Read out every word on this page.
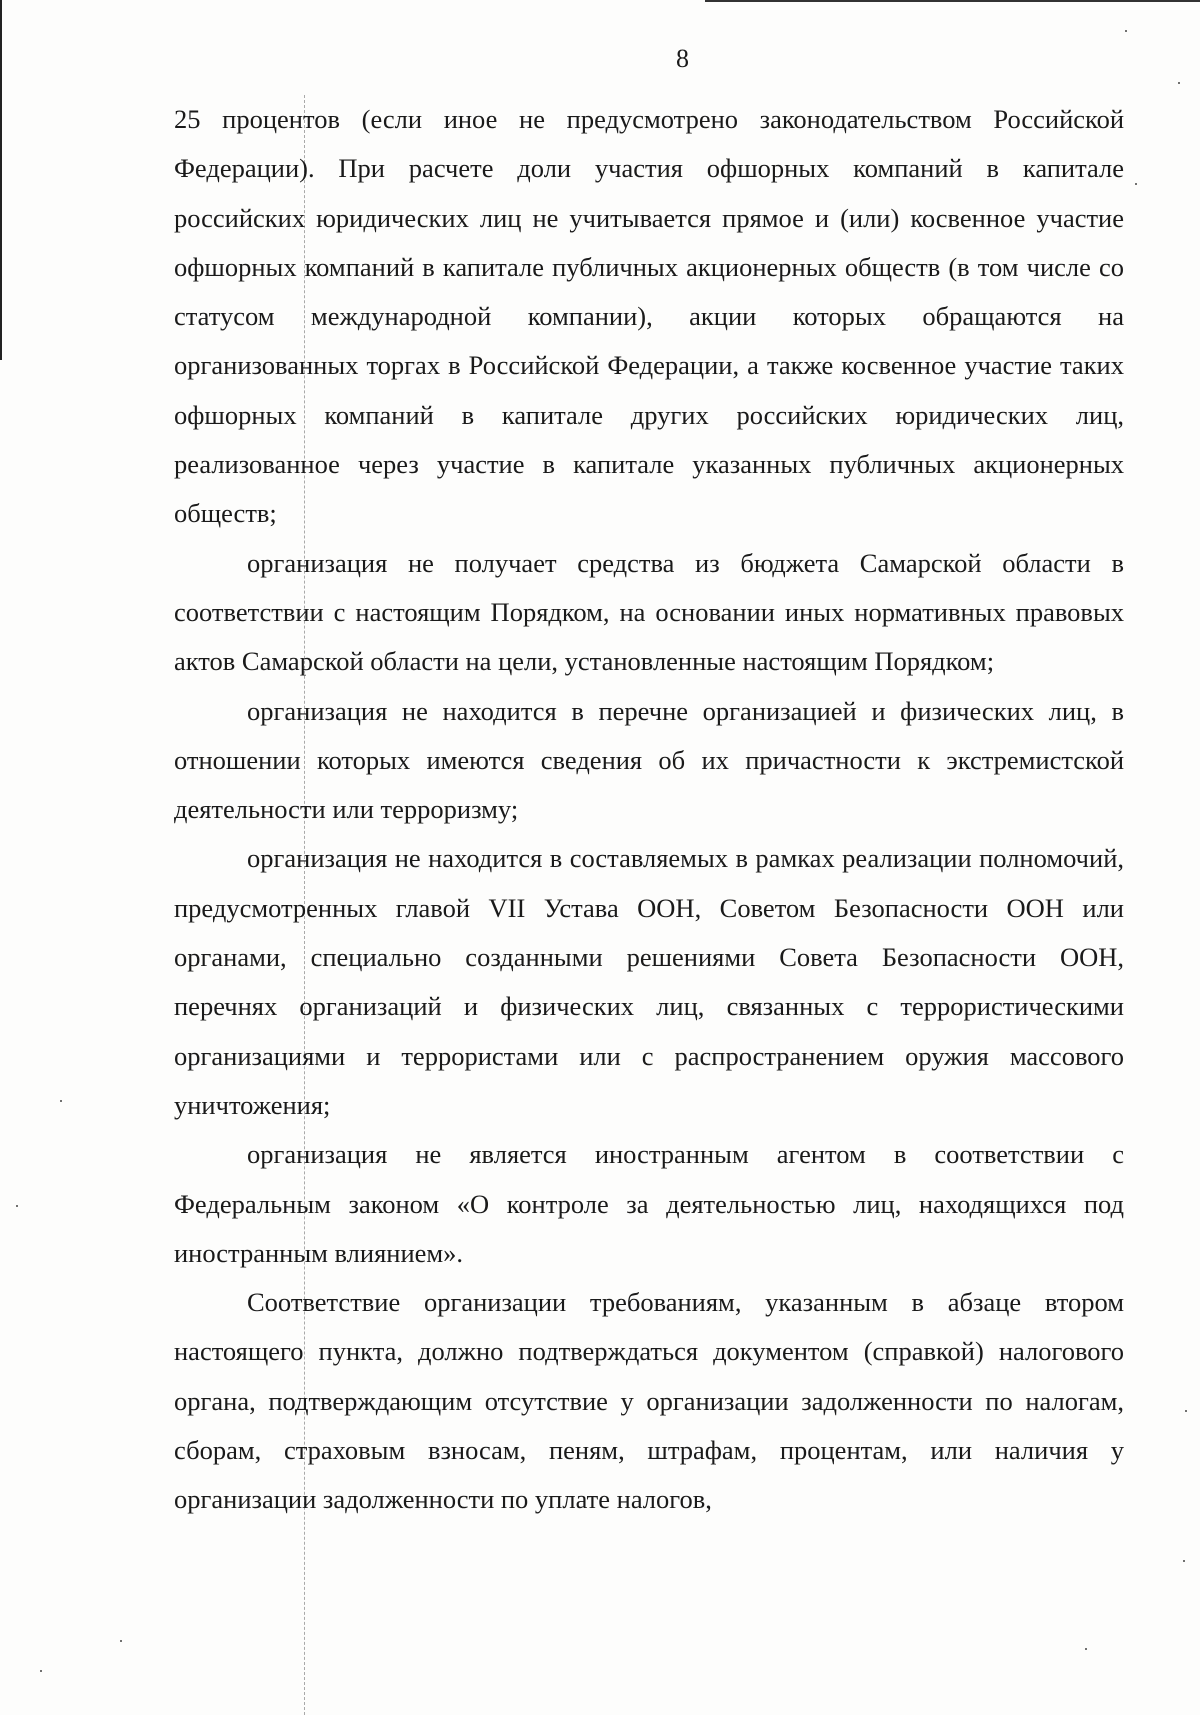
8

25 процентов (если иное не предусмотрено законодательством Российской Федерации). При расчете доли участия офшорных компаний в капитале российских юридических лиц не учитывается прямое и (или) косвенное участие офшорных компаний в капитале публичных акционерных обществ (в том числе со статусом международной компании), акции которых обращаются на организованных торгах в Российской Федерации, а также косвенное участие таких офшорных компаний в капитале других российских юридических лиц, реализованное через участие в капитале указанных публичных акционерных обществ;

организация не получает средства из бюджета Самарской области в соответствии с настоящим Порядком, на основании иных нормативных правовых актов Самарской области на цели, установленные настоящим Порядком;

организация не находится в перечне организацией и физических лиц, в отношении которых имеются сведения об их причастности к экстремистской деятельности или терроризму;

организация не находится в составляемых в рамках реализации полномочий, предусмотренных главой VII Устава ООН, Советом Безопасности ООН или органами, специально созданными решениями Совета Безопасности ООН, перечнях организаций и физических лиц, связанных с террористическими организациями и террористами или с распространением оружия массового уничтожения;

организация не является иностранным агентом в соответствии с Федеральным законом «О контроле за деятельностью лиц, находящихся под иностранным влиянием».

Соответствие организации требованиям, указанным в абзаце втором настоящего пункта, должно подтверждаться документом (справкой) налогового органа, подтверждающим отсутствие у организации задолженности по налогам, сборам, страховым взносам, пеням, штрафам, процентам, или наличия у организации задолженности по уплате налогов,
